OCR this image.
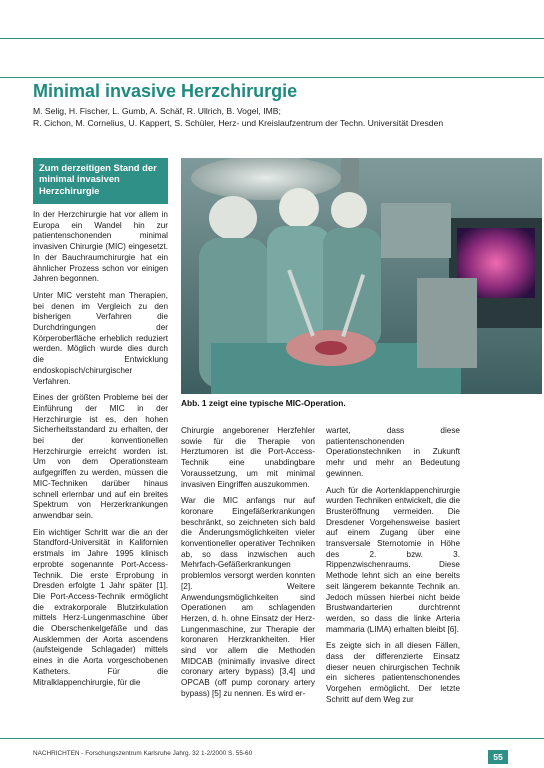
Minimal invasive Herzchirurgie
M. Selig, H. Fischer, L. Gumb, A. Schäf, R. Ullrich, B. Vogel, IMB;
R. Cichon, M. Cornelius, U. Kappert, S. Schüler, Herz- und Kreislaufzentrum der Techn. Universität Dresden
Zum derzeitigen Stand der minimal invasiven Herzchirurgie

In der Herzchirurgie hat vor allem in Europa ein Wandel hin zur patientenschonenden minimal invasiven Chirurgie (MIC) eingesetzt. In der Bauchraumchirurgie hat ein ähnlicher Prozess schon vor einigen Jahren begonnen.

Unter MIC versteht man Therapien, bei denen im Vergleich zu den bisherigen Verfahren die Durchdringungen der Körperoberfläche erheblich reduziert werden. Möglich wurde dies durch die Entwicklung endoskopisch/chirurgischer Verfahren.

Eines der größten Probleme bei der Einführung der MIC in der Herzchirurgie ist es, den hohen Sicherheitsstandard zu erhalten, der bei der konventionellen Herzchirurgie erreicht worden ist. Um von dem Operationsteam aufgegriffen zu werden, müssen die MIC-Techniken darüber hinaus schnell erlernbar und auf ein breites Spektrum von Herzerkrankungen anwendbar sein.

Ein wichtiger Schritt war die an der Standford-Universität in Kalifornien erstmals im Jahre 1995 klinisch erprobte sogenannte Port-Access-Technik. Die erste Erprobung in Dresden erfolgte 1 Jahr später [1]. Die Port-Access-Technik ermöglicht die extrakorporale Blutzirkulation mittels Herz-Lungenmaschine über die Oberschenkelgefäße und das Ausklemmen der Aorta ascendens (aufsteigende Schlagader) mittels eines in die Aorta vorgeschobenen Katheters. Für die Mitralklappenchirurgie, für die

Abb. 1 zeigt eine typische MIC-Operation.

Chirurgie angeborener Herzfehler sowie für die Therapie von Herztumoren ist die Port-Access-Technik eine unabdingbare Voraussetzung, um mit minimal invasiven Eingriffen auszukommen.

War die MIC anfangs nur auf koronare Eingefäßerkrankungen beschränkt, so zeichneten sich bald die Änderungsmöglichkeiten vieler konventioneller operativer Techniken ab, so dass inzwischen auch Mehrfach-Gefäßerkrankungen problemlos versorgt werden konnten [2]. Weitere Anwendungsmöglichkeiten sind Operationen am schlagenden Herzen, d. h. ohne Einsatz der Herz-Lungenmaschine, zur Therapie der koronaren Herzkrankheiten. Hier sind vor allem die Methoden MIDCAB (minimally invasive direct coronary artery bypass) [3,4] und OPCAB (off pump coronary artery bypass) [5] zu nennen. Es wird er-

wartet, dass diese patientenschonenden Operationstechniken in Zukunft mehr und mehr an Bedeutung gewinnen.

Auch für die Aortenklappenchirurgie wurden Techniken entwickelt, die die Brusteröffnung vermeiden. Die Dresdener Vorgehensweise basiert auf einem Zugang über eine transversale Sternotomie in Höhe des 2. bzw. 3. Rippenzwischenraums. Diese Methode lehnt sich an eine bereits seit längerem bekannte Technik an. Jedoch müssen hierbei nicht beide Brustwandarterien durchtrennt werden, so dass die linke Arteria mammaria (LIMA) erhalten bleibt [6].

Es zeigte sich in all diesen Fällen, dass der differenzierte Einsatz dieser neuen chirurgischen Technik ein sicheres patientenschonendes Vorgehen ermöglicht. Der letzte Schritt auf dem Weg zur

NACHRICHTEN - Forschungszentrum Karlsruhe Jahrg. 32 1-2/2000 S. 55-60	55
